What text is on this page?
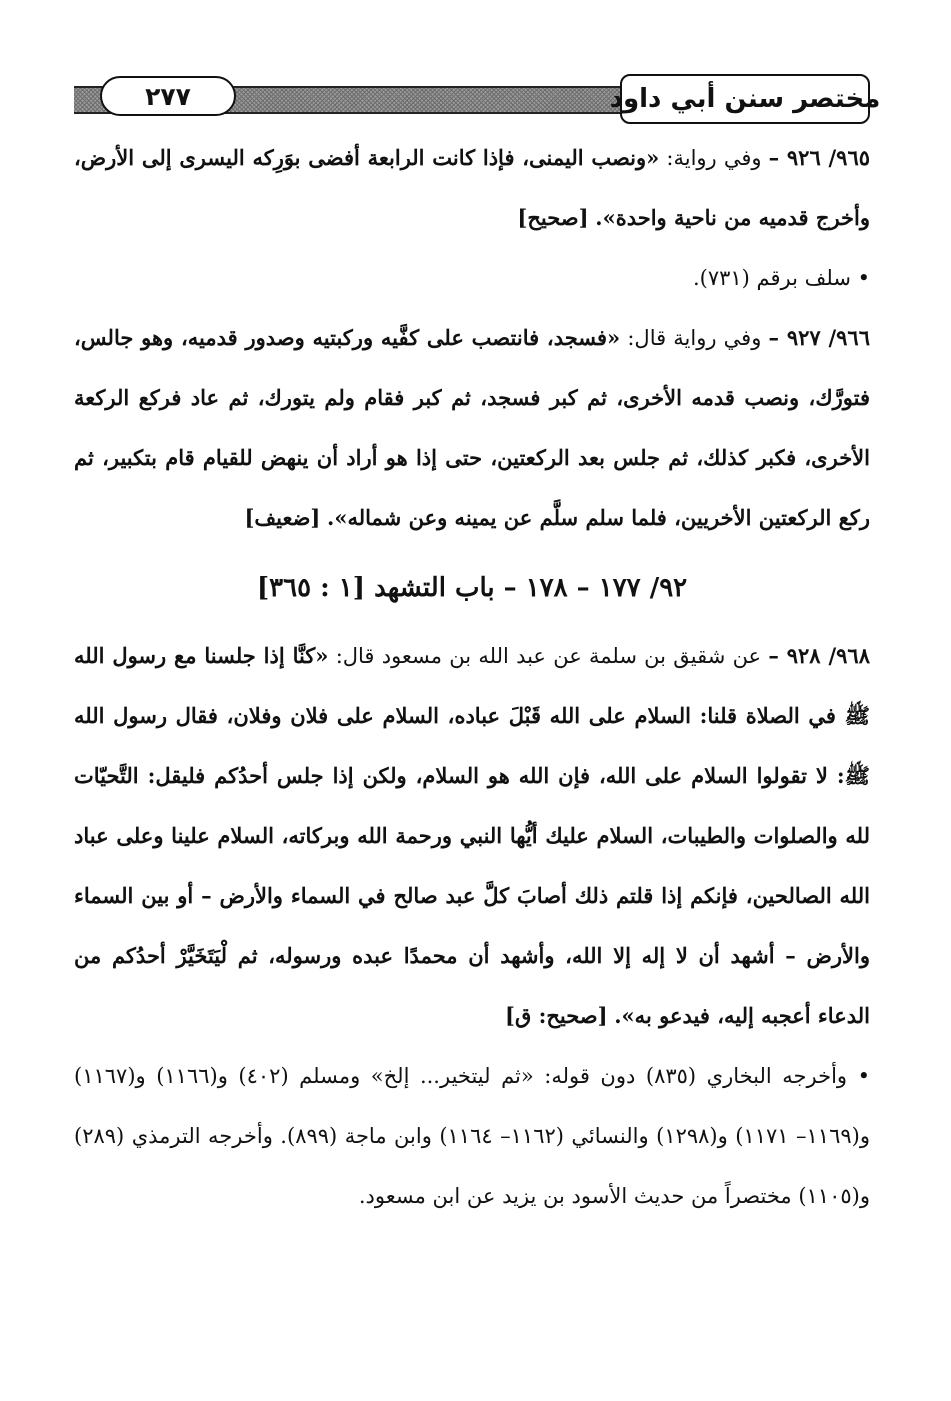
٢٧٧	مختصر سنن أبي داود

٩٦٥/ ٩٢٦ – وفي رواية: «ونصب اليمنى، فإذا كانت الرابعة أفضى بوَرِكه اليسرى إلى الأرض، وأخرج قدميه من ناحية واحدة». [صحيح]

• سلف برقم (٧٣١).

٩٦٦/ ٩٢٧ – وفي رواية قال: «فسجد، فانتصب على كفَّيه وركبتيه وصدور قدميه، وهو جالس، فتورَّك، ونصب قدمه الأخرى، ثم كبر فسجد، ثم كبر فقام ولم يتورك، ثم عاد فركع الركعة الأخرى، فكبر كذلك، ثم جلس بعد الركعتين، حتى إذا هو أراد أن ينهض للقيام قام بتكبير، ثم ركع الركعتين الأخريين، فلما سلم سلَّم عن يمينه وعن شماله». [ضعيف]

٩٢/ ١٧٧ – ١٧٨ – باب التشهد [١ : ٣٦٥]

٩٦٨/ ٩٢٨ – عن شقيق بن سلمة عن عبد الله بن مسعود قال: «كنَّا إذا جلسنا مع رسول الله ﷺ في الصلاة قلنا: السلام على الله قَبْلَ عباده، السلام على فلان وفلان، فقال رسول الله ﷺ: لا تقولوا السلام على الله، فإن الله هو السلام، ولكن إذا جلس أحدُكم فليقل: التَّحيّات لله والصلوات والطيبات، السلام عليك أيُّها النبي ورحمة الله وبركاته، السلام علينا وعلى عباد الله الصالحين، فإنكم إذا قلتم ذلك أصابَ كلَّ عبد صالح في السماء والأرض – أو بين السماء والأرض – أشهد أن لا إله إلا الله، وأشهد أن محمدًا عبده ورسوله، ثم لْيَتَخَيَّرْ أحدُكم من الدعاء أعجبه إليه، فيدعو به». [صحيح: ق]

• وأخرجه البخاري (٨٣٥) دون قوله: «ثم ليتخير... إلخ» ومسلم (٤٠٢) و(١١٦٦) و(١١٦٧) و(١١٦٩– ١١٧١) و(١٢٩٨) والنسائي (١١٦٢– ١١٦٤) وابن ماجة (٨٩٩). وأخرجه الترمذي (٢٨٩) و(١١٠٥) مختصراً من حديث الأسود بن يزيد عن ابن مسعود.
